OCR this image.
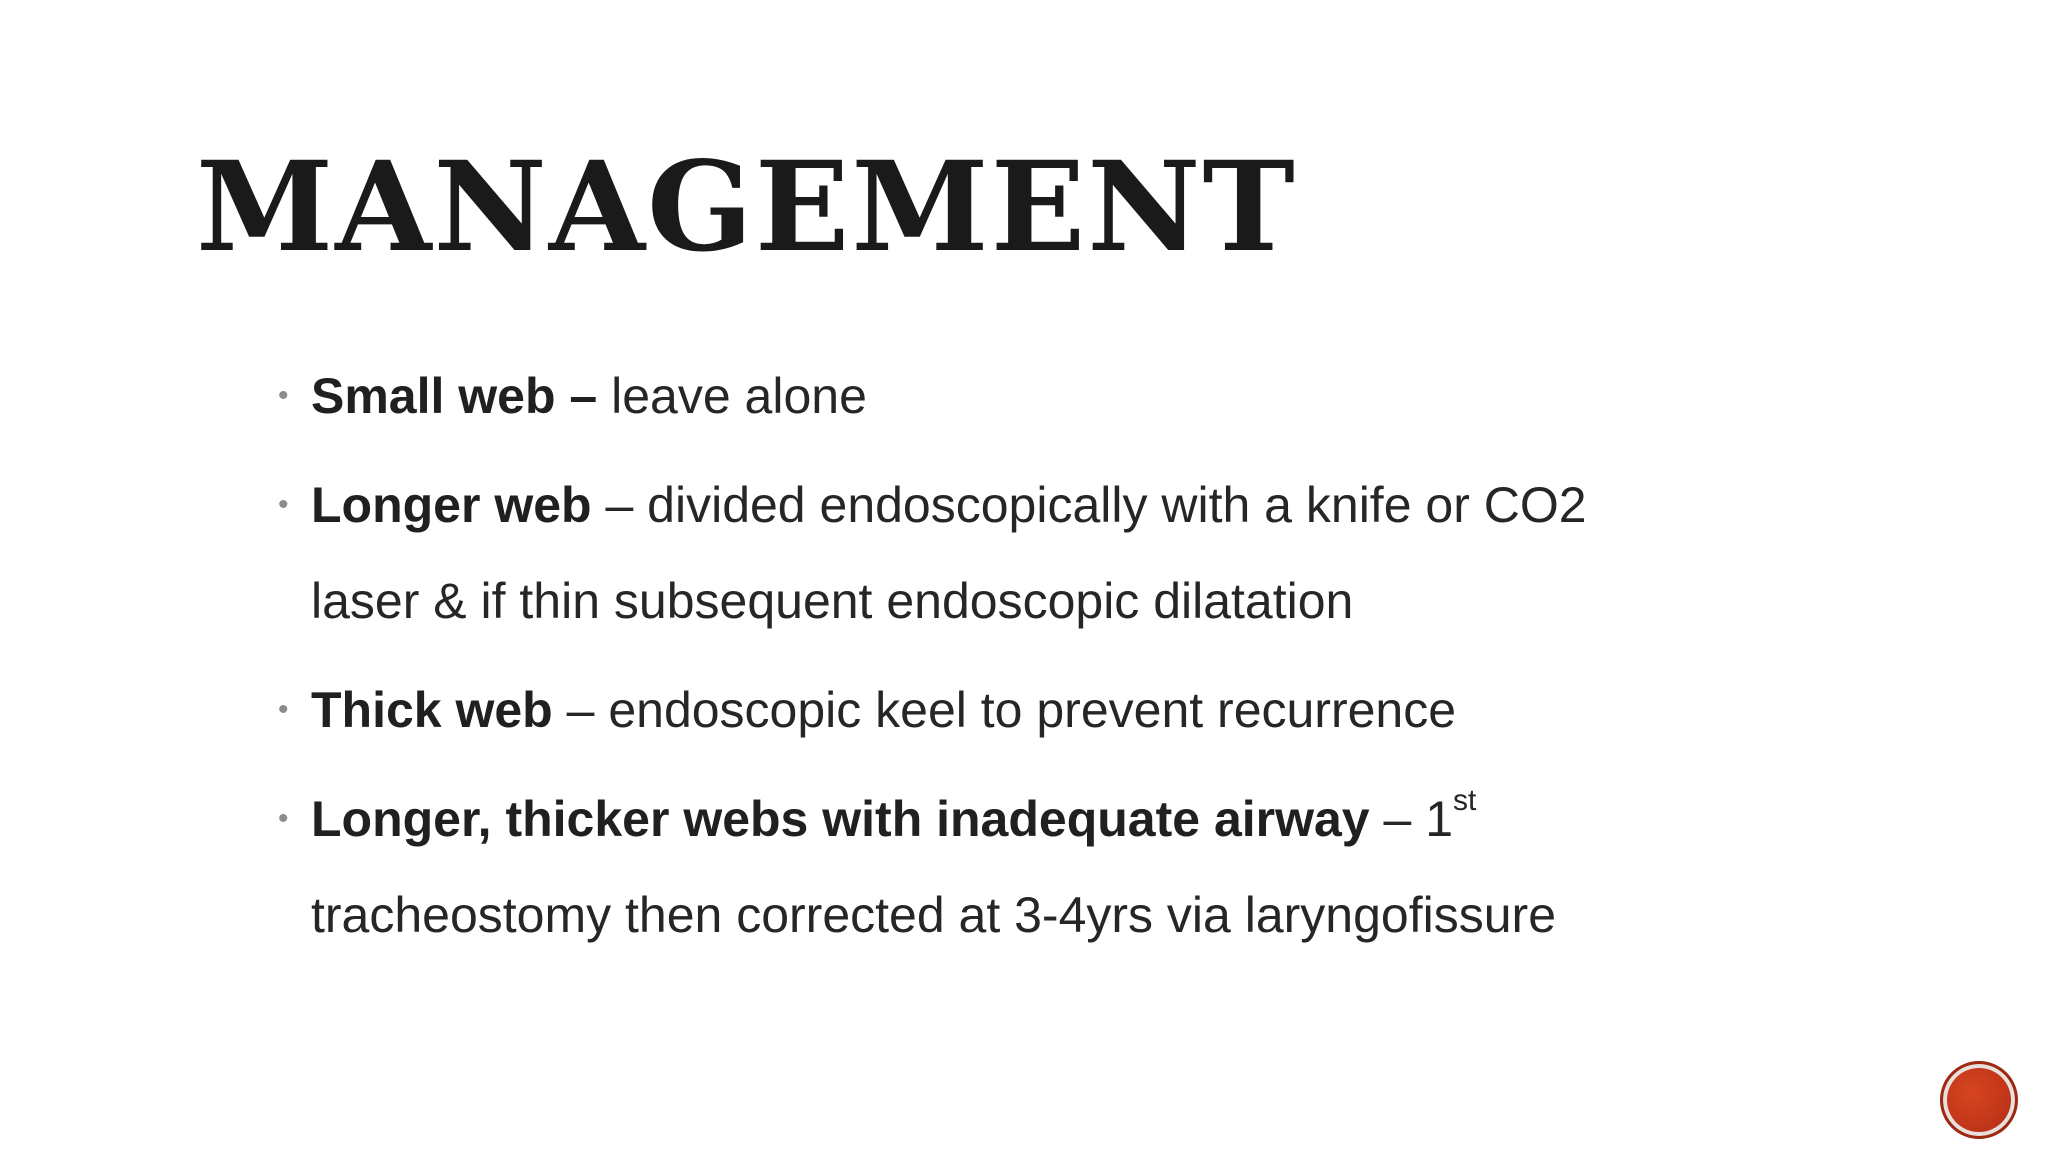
MANAGEMENT
• Small web – leave alone
• Longer web – divided endoscopically with a knife or CO2
laser & if thin subsequent endoscopic dilatation
• Thick web – endoscopic keel to prevent recurrence
• Longer, thicker webs with inadequate airway – 1st
tracheostomy then corrected at 3-4yrs via laryngofissure
